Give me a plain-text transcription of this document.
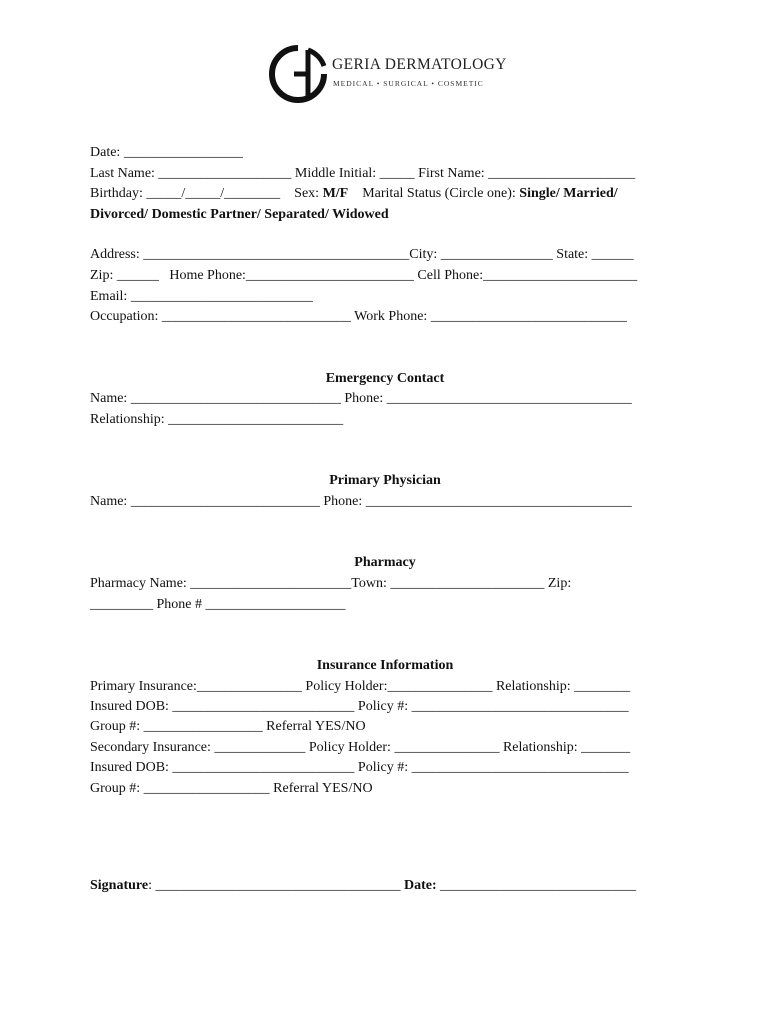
GERIA DERMATOLOGY
MEDICAL • SURGICAL • COSMETIC
Date: _________________
Last Name: ___________________ Middle Initial: _____ First Name: _____________________
Birthday: _____/_____/________    Sex: M/F    Marital Status (Circle one): Single/ Married/
Divorced/ Domestic Partner/ Separated/ Widowed
Address: ______________________________________City: ________________ State: ______
Zip: ______   Home Phone:________________________ Cell Phone:______________________
Email: __________________________
Occupation: ___________________________ Work Phone: ____________________________
Emergency Contact
Name: ______________________________ Phone: ___________________________________
Relationship: _________________________
Primary Physician
Name: ___________________________ Phone: ______________________________________
Pharmacy
Pharmacy Name: _______________________Town: ______________________ Zip:
_________ Phone # ____________________
Insurance Information
Primary Insurance:_______________ Policy Holder:_______________ Relationship: ________
Insured DOB: __________________________ Policy #: _______________________________
Group #: _________________ Referral YES/NO
Secondary Insurance: _____________ Policy Holder: _______________ Relationship: _______
Insured DOB: __________________________ Policy #: _______________________________
Group #: __________________ Referral YES/NO
Signature: ___________________________________ Date: ____________________________
